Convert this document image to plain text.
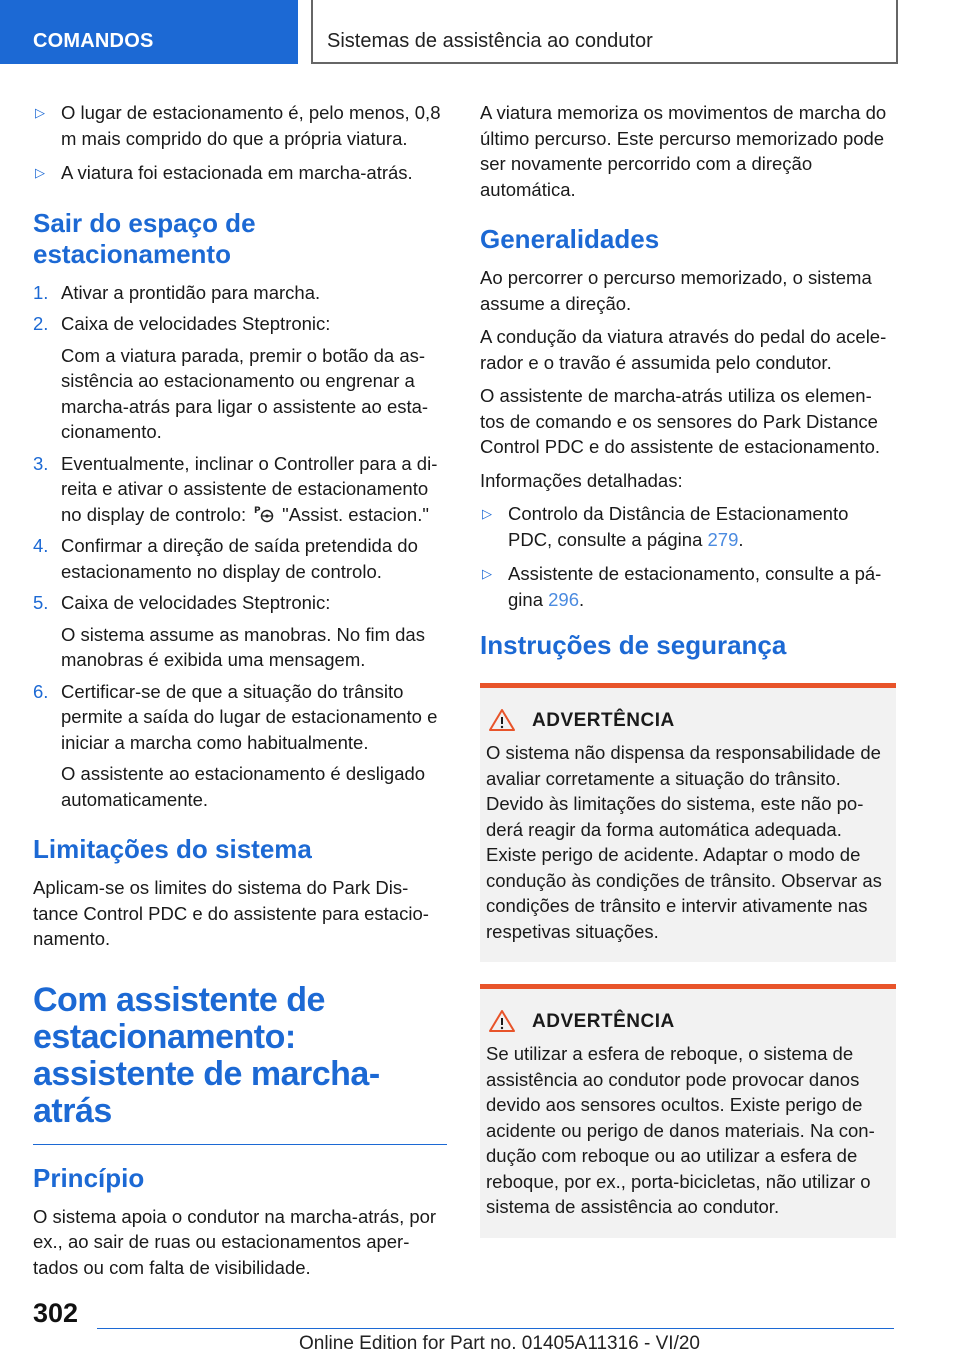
COMANDOS	Sistemas de assistência ao condutor
▷ O lugar de estacionamento é, pelo menos, 0,8 m mais comprido do que a própria viatura.
▷ A viatura foi estacionada em marcha-atrás.
Sair do espaço de estacionamento
1. Ativar a prontidão para marcha.
2. Caixa de velocidades Steptronic:
Com a viatura parada, premir o botão da as-sistência ao estacionamento ou engrenar a marcha-atrás para ligar o assistente ao esta-cionamento.
3. Eventualmente, inclinar o Controller para a di-reita e ativar o assistente de estacionamento no display de controlo: P "Assist. estacion."
4. Confirmar a direção de saída pretendida do estacionamento no display de controlo.
5. Caixa de velocidades Steptronic:
O sistema assume as manobras. No fim das manobras é exibida uma mensagem.
6. Certificar-se de que a situação do trânsito permite a saída do lugar de estacionamento e iniciar a marcha como habitualmente.
O assistente ao estacionamento é desligado automaticamente.
Limitações do sistema

Aplicam-se os limites do sistema do Park Dis-tance Control PDC e do assistente para estacio-namento.

Com assistente de estacionamento: assistente de marcha-atrás
Princípio

O sistema apoia o condutor na marcha-atrás, por ex., ao sair de ruas ou estacionamentos aper-tados ou com falta de visibilidade.

A viatura memoriza os movimentos de marcha do último percurso. Este percurso memorizado pode ser novamente percorrido com a direção automática.

Generalidades

Ao percorrer o percurso memorizado, o sistema assume a direção.

A condução da viatura através do pedal do acele-rador e o travão é assumida pelo condutor.

O assistente de marcha-atrás utiliza os elemen-tos de comando e os sensores do Park Distance Control PDC e do assistente de estacionamento.

Informações detalhadas:

▷ Controlo da Distância de Estacionamento PDC, consulte a página 279.
▷ Assistente de estacionamento, consulte a pá-gina 296.
Instruções de segurança
ADVERTÊNCIA

O sistema não dispensa da responsabilidade de avaliar corretamente a situação do trânsito. Devido às limitações do sistema, este não po-derá reagir da forma automática adequada. Existe perigo de acidente. Adaptar o modo de condução às condições de trânsito. Observar as condições de trânsito e intervir ativamente nas respetivas situações.

ADVERTÊNCIA

Se utilizar a esfera de reboque, o sistema de assistência ao condutor pode provocar danos devido aos sensores ocultos. Existe perigo de acidente ou perigo de danos materiais. Na con-dução com reboque ou ao utilizar a esfera de reboque, por ex., porta-bicicletas, não utilizar o sistema de assistência ao condutor.

302
Online Edition for Part no. 01405A11316 - VI/20
